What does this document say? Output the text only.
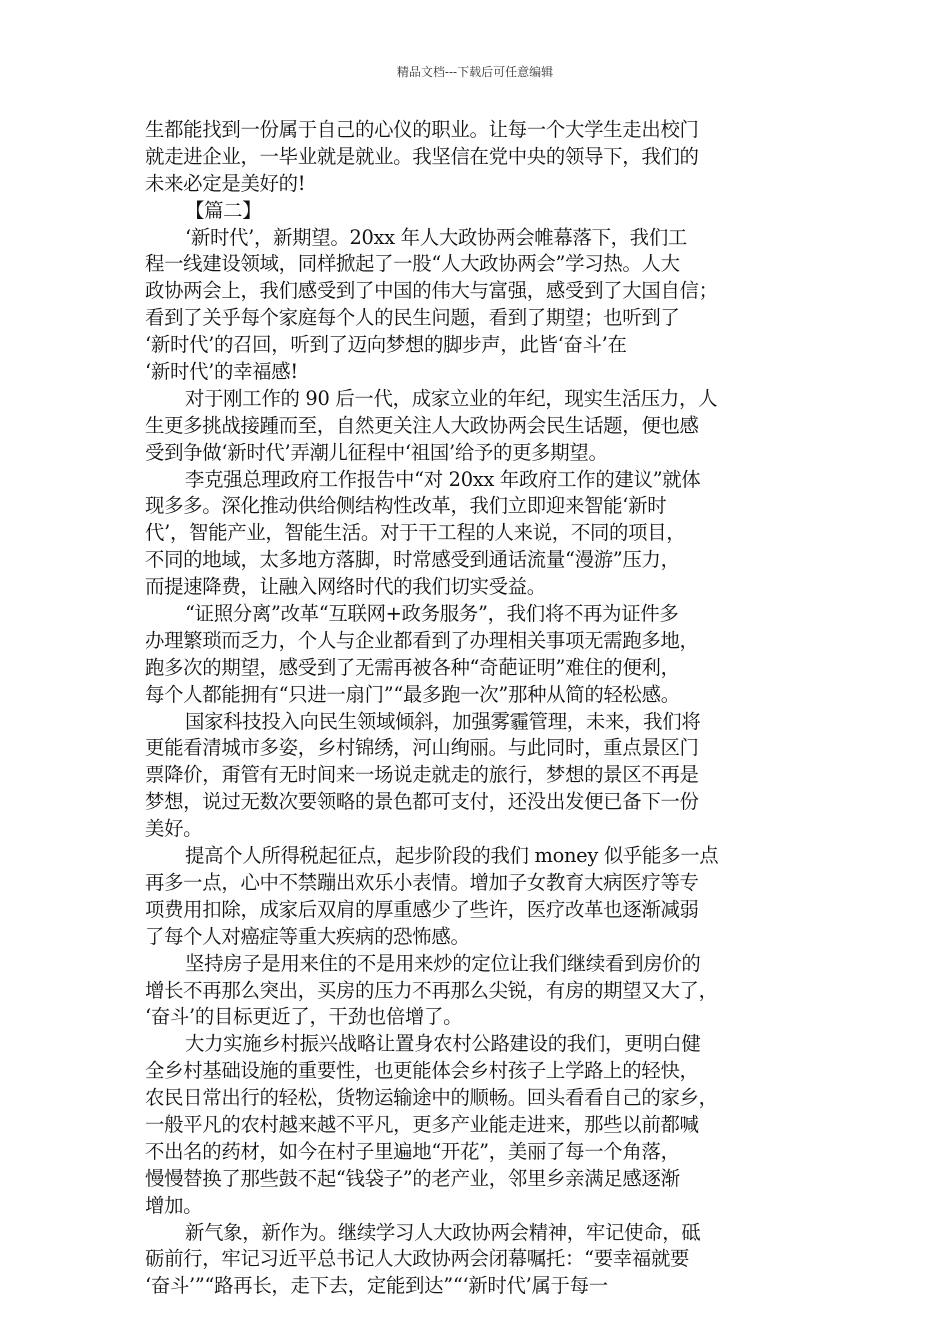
精品文档---下载后可任意编辑
生都能找到一份属于自己的心仪的职业。让每一个大学生走出校门
就走进企业，一毕业就是就业。我坚信在党中央的领导下，我们的
未来必定是美好的!
【篇二】
‘新时代’，新期望。20xx 年人大政协两会帷幕落下，我们工
程一线建设领域，同样掀起了一股“人大政协两会”学习热。人大
政协两会上，我们感受到了中国的伟大与富强，感受到了大国自信；
看到了关乎每个家庭每个人的民生问题，看到了期望；也听到了
‘新时代’的召回，听到了迈向梦想的脚步声，此皆‘奋斗’在
‘新时代’的幸福感!
对于刚工作的 90 后一代，成家立业的年纪，现实生活压力，人
生更多挑战接踵而至，自然更关注人大政协两会民生话题，便也感
受到争做‘新时代’弄潮儿征程中‘祖国’给予的更多期望。
李克强总理政府工作报告中“对 20xx 年政府工作的建议”就体
现多多。深化推动供给侧结构性改革，我们立即迎来智能‘新时
代’，智能产业，智能生活。对于干工程的人来说，不同的项目，
不同的地域，太多地方落脚，时常感受到通话流量“漫游”压力，
而提速降费，让融入网络时代的我们切实受益。
“证照分离”改革“互联网+政务服务”，我们将不再为证件多
办理繁琐而乏力，个人与企业都看到了办理相关事项无需跑多地，
跑多次的期望，感受到了无需再被各种“奇葩证明”难住的便利，
每个人都能拥有“只进一扇门”“最多跑一次”那种从简的轻松感。
国家科技投入向民生领域倾斜，加强雾霾管理，未来，我们将
更能看清城市多姿，乡村锦绣，河山绚丽。与此同时，重点景区门
票降价，甭管有无时间来一场说走就走的旅行，梦想的景区不再是
梦想，说过无数次要领略的景色都可支付，还没出发便已备下一份
美好。
提高个人所得税起征点，起步阶段的我们 money 似乎能多一点
再多一点，心中不禁蹦出欢乐小表情。增加子女教育大病医疗等专
项费用扣除，成家后双肩的厚重感少了些许，医疗改革也逐渐减弱
了每个人对癌症等重大疾病的恐怖感。
坚持房子是用来住的不是用来炒的定位让我们继续看到房价的
增长不再那么突出，买房的压力不再那么尖锐，有房的期望又大了，
‘奋斗’的目标更近了，干劲也倍增了。
大力实施乡村振兴战略让置身农村公路建设的我们，更明白健
全乡村基础设施的重要性，也更能体会乡村孩子上学路上的轻快，
农民日常出行的轻松，货物运输途中的顺畅。回头看看自己的家乡，
一般平凡的农村越来越不平凡，更多产业能走进来，那些以前都喊
不出名的药材，如今在村子里遍地“开花”，美丽了每一个角落，
慢慢替换了那些鼓不起“钱袋子”的老产业，邻里乡亲满足感逐渐
增加。
新气象，新作为。继续学习人大政协两会精神，牢记使命，砥
砺前行，牢记习近平总书记人大政协两会闭幕嘱托：“要幸福就要
‘奋斗’”“路再长，走下去，定能到达”“‘新时代’属于每一
